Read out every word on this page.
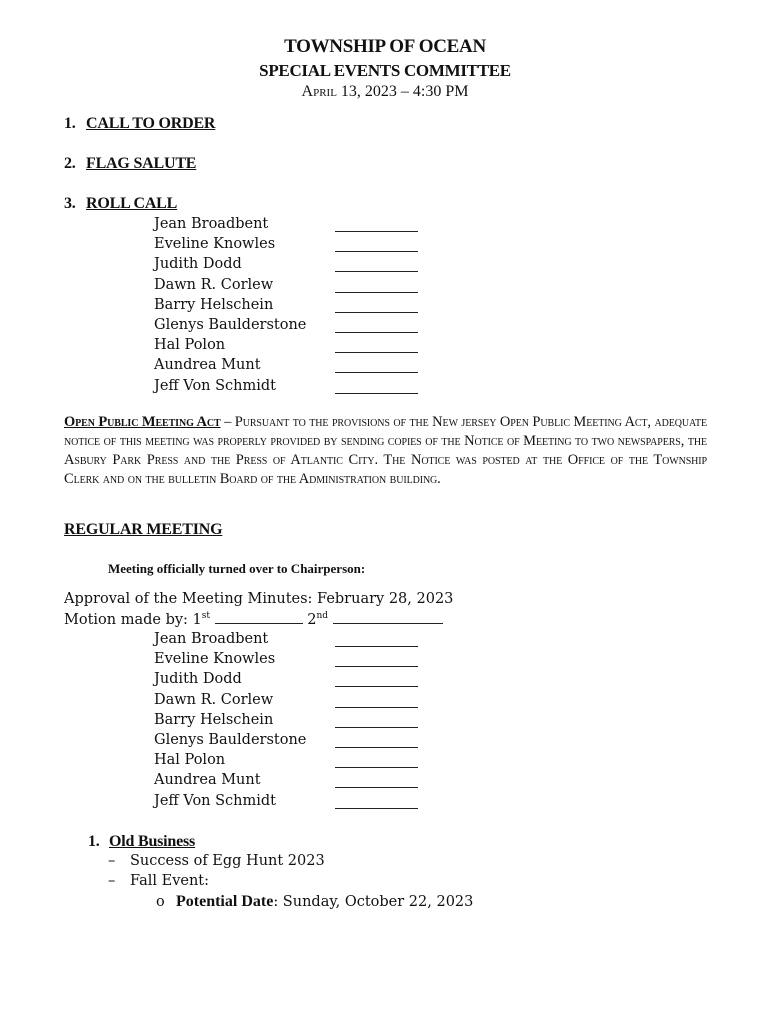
TOWNSHIP OF OCEAN
SPECIAL EVENTS COMMITTEE
April 13, 2023 – 4:30 PM
1. CALL TO ORDER
2. FLAG SALUTE
3. ROLL CALL
Jean Broadbent
Eveline Knowles
Judith Dodd
Dawn R. Corlew
Barry Helschein
Glenys Baulderstone
Hal Polon
Aundrea Munt
Jeff Von Schmidt
Open Public Meeting Act – Pursuant to the provisions of the New jersey Open Public Meeting Act, adequate notice of this meeting was properly provided by sending copies of the Notice of Meeting to two newspapers, the Asbury Park Press and the Press of Atlantic City. The Notice was posted at the Office of the Township Clerk and on the bulletin Board of the Administration building.
REGULAR MEETING
Meeting officially turned over to Chairperson:
Approval of the Meeting Minutes: February 28, 2023
Motion made by: 1st	2nd
Jean Broadbent
Eveline Knowles
Judith Dodd
Dawn R. Corlew
Barry Helschein
Glenys Baulderstone
Hal Polon
Aundrea Munt
Jeff Von Schmidt
1. Old Business
– Success of Egg Hunt 2023
– Fall Event:
o Potential Date: Sunday, October 22, 2023
